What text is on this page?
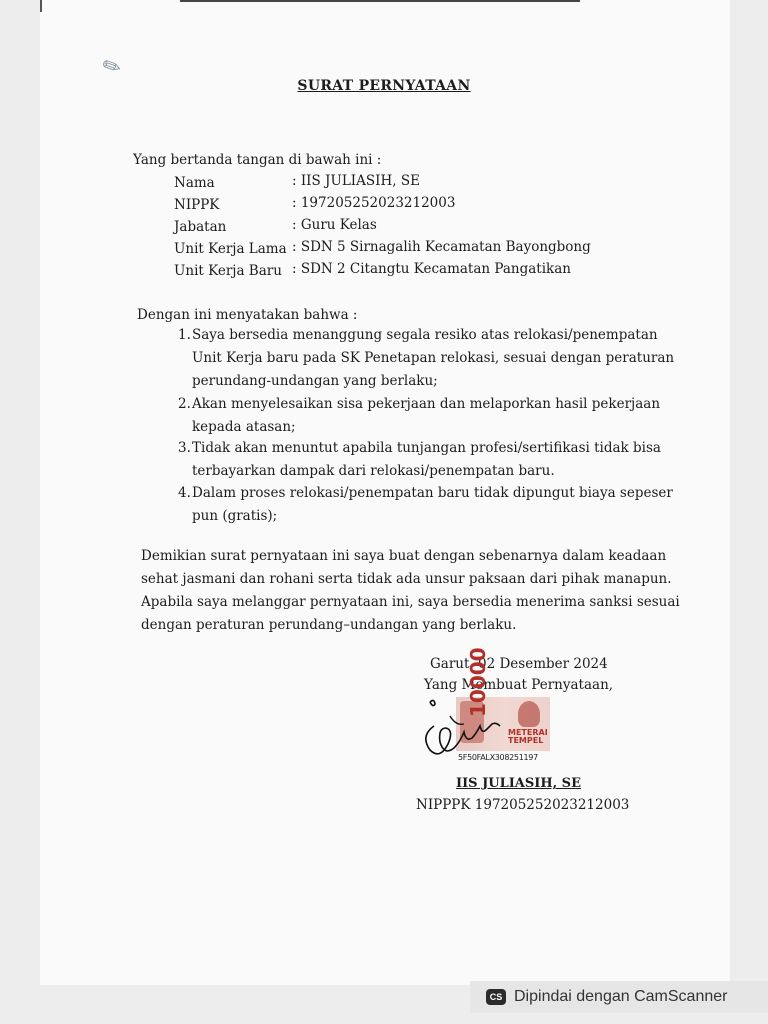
✎
SURAT PERNYATAAN
Yang bertanda tangan di bawah ini :
Nama	: IIS JULIASIH, SE
NIPPK	: 197205252023212003
Jabatan	: Guru Kelas
Unit Kerja Lama : SDN 5 Sirnagalih Kecamatan Bayongbong
Unit Kerja Baru : SDN 2 Citangtu Kecamatan Pangatikan
Dengan ini menyatakan bahwa :
1. Saya bersedia menanggung segala resiko atas relokasi/penempatan
Unit Kerja baru pada SK Penetapan relokasi, sesuai dengan peraturan
perundang-undangan yang berlaku;
2. Akan menyelesaikan sisa pekerjaan dan melaporkan hasil pekerjaan
kepada atasan;
3. Tidak akan menuntut apabila tunjangan profesi/sertifikasi tidak bisa
terbayarkan dampak dari relokasi/penempatan baru.
4. Dalam proses relokasi/penempatan baru tidak dipungut biaya sepeser
pun (gratis);
Demikian surat pernyataan ini saya buat dengan sebenarnya dalam keadaan
sehat jasmani dan rohani serta tidak ada unsur paksaan dari pihak manapun.
Apabila saya melanggar pernyataan ini, saya bersedia menerima sanksi sesuai
dengan peraturan perundang–undangan yang berlaku.
Garut, 02 Desember 2024
Yang Membuat Pernyataan,
10000
METERAI
TEMPEL
5F50FALX308251197
IIS JULIASIH, SE
NIPPPK 197205252023212003
CS Dipindai dengan CamScanner
